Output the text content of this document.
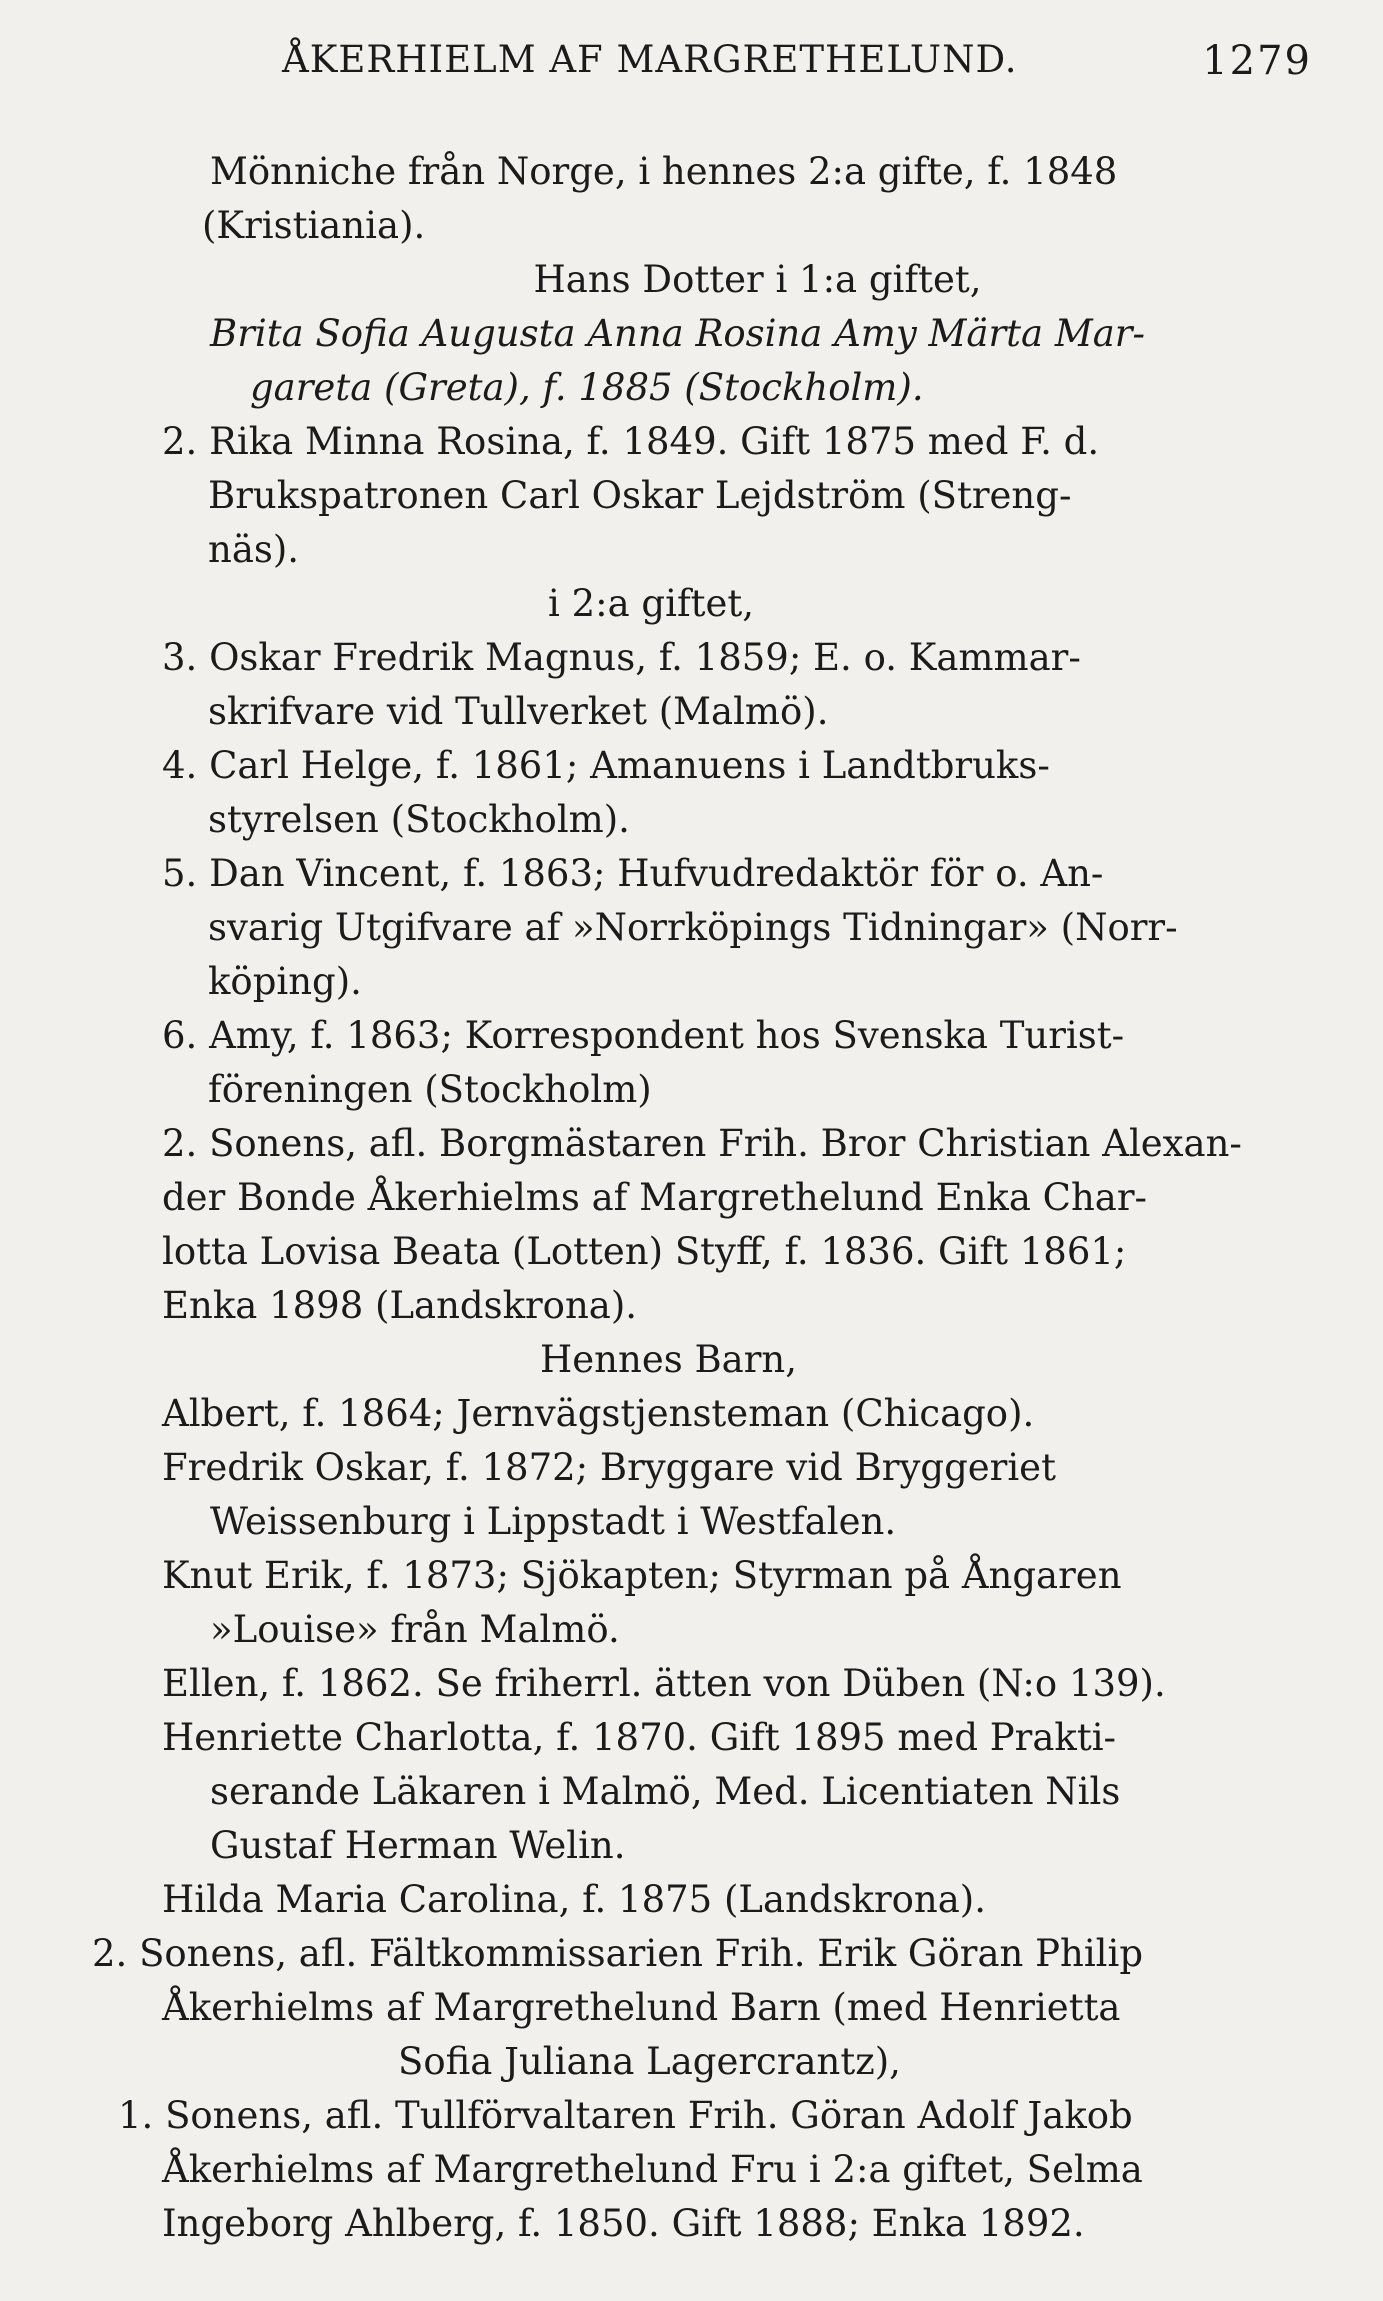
ÅKERHIELM AF MARGRETHELUND.	1279
Mönniche från Norge, i hennes 2:a gifte, f. 1848
(Kristiania).
Hans Dotter i 1:a giftet,
Brita Sofia Augusta Anna Rosina Amy Märta Mar-
gareta (Greta), f. 1885 (Stockholm).
2. Rika Minna Rosina, f. 1849. Gift 1875 med F. d.
Brukspatronen Carl Oskar Lejdström (Streng-
näs).
i 2:a giftet,
3. Oskar Fredrik Magnus, f. 1859; E. o. Kammar-
skrifvare vid Tullverket (Malmö).
4. Carl Helge, f. 1861; Amanuens i Landtbruks-
styrelsen (Stockholm).
5. Dan Vincent, f. 1863; Hufvudredaktör för o. An-
svarig Utgifvare af »Norrköpings Tidningar» (Norr-
köping).
6. Amy, f. 1863; Korrespondent hos Svenska Turist-
föreningen (Stockholm)
2. Sonens, afl. Borgmästaren Frih. Bror Christian Alexan-
der Bonde Åkerhielms af Margrethelund Enka Char-
lotta Lovisa Beata (Lotten) Styff, f. 1836. Gift 1861;
Enka 1898 (Landskrona).
Hennes Barn,
Albert, f. 1864; Jernvägstjensteman (Chicago).
Fredrik Oskar, f. 1872; Bryggare vid Bryggeriet
Weissenburg i Lippstadt i Westfalen.
Knut Erik, f. 1873; Sjökapten; Styrman på Ångaren
»Louise» från Malmö.
Ellen, f. 1862. Se friherrl. ätten von Düben (N:o 139).
Henriette Charlotta, f. 1870. Gift 1895 med Prakti-
serande Läkaren i Malmö, Med. Licentiaten Nils
Gustaf Herman Welin.
Hilda Maria Carolina, f. 1875 (Landskrona).
2. Sonens, afl. Fältkommissarien Frih. Erik Göran Philip
Åkerhielms af Margrethelund Barn (med Henrietta
Sofia Juliana Lagercrantz),
1. Sonens, afl. Tullförvaltaren Frih. Göran Adolf Jakob
Åkerhielms af Margrethelund Fru i 2:a giftet, Selma
Ingeborg Ahlberg, f. 1850. Gift 1888; Enka 1892.
